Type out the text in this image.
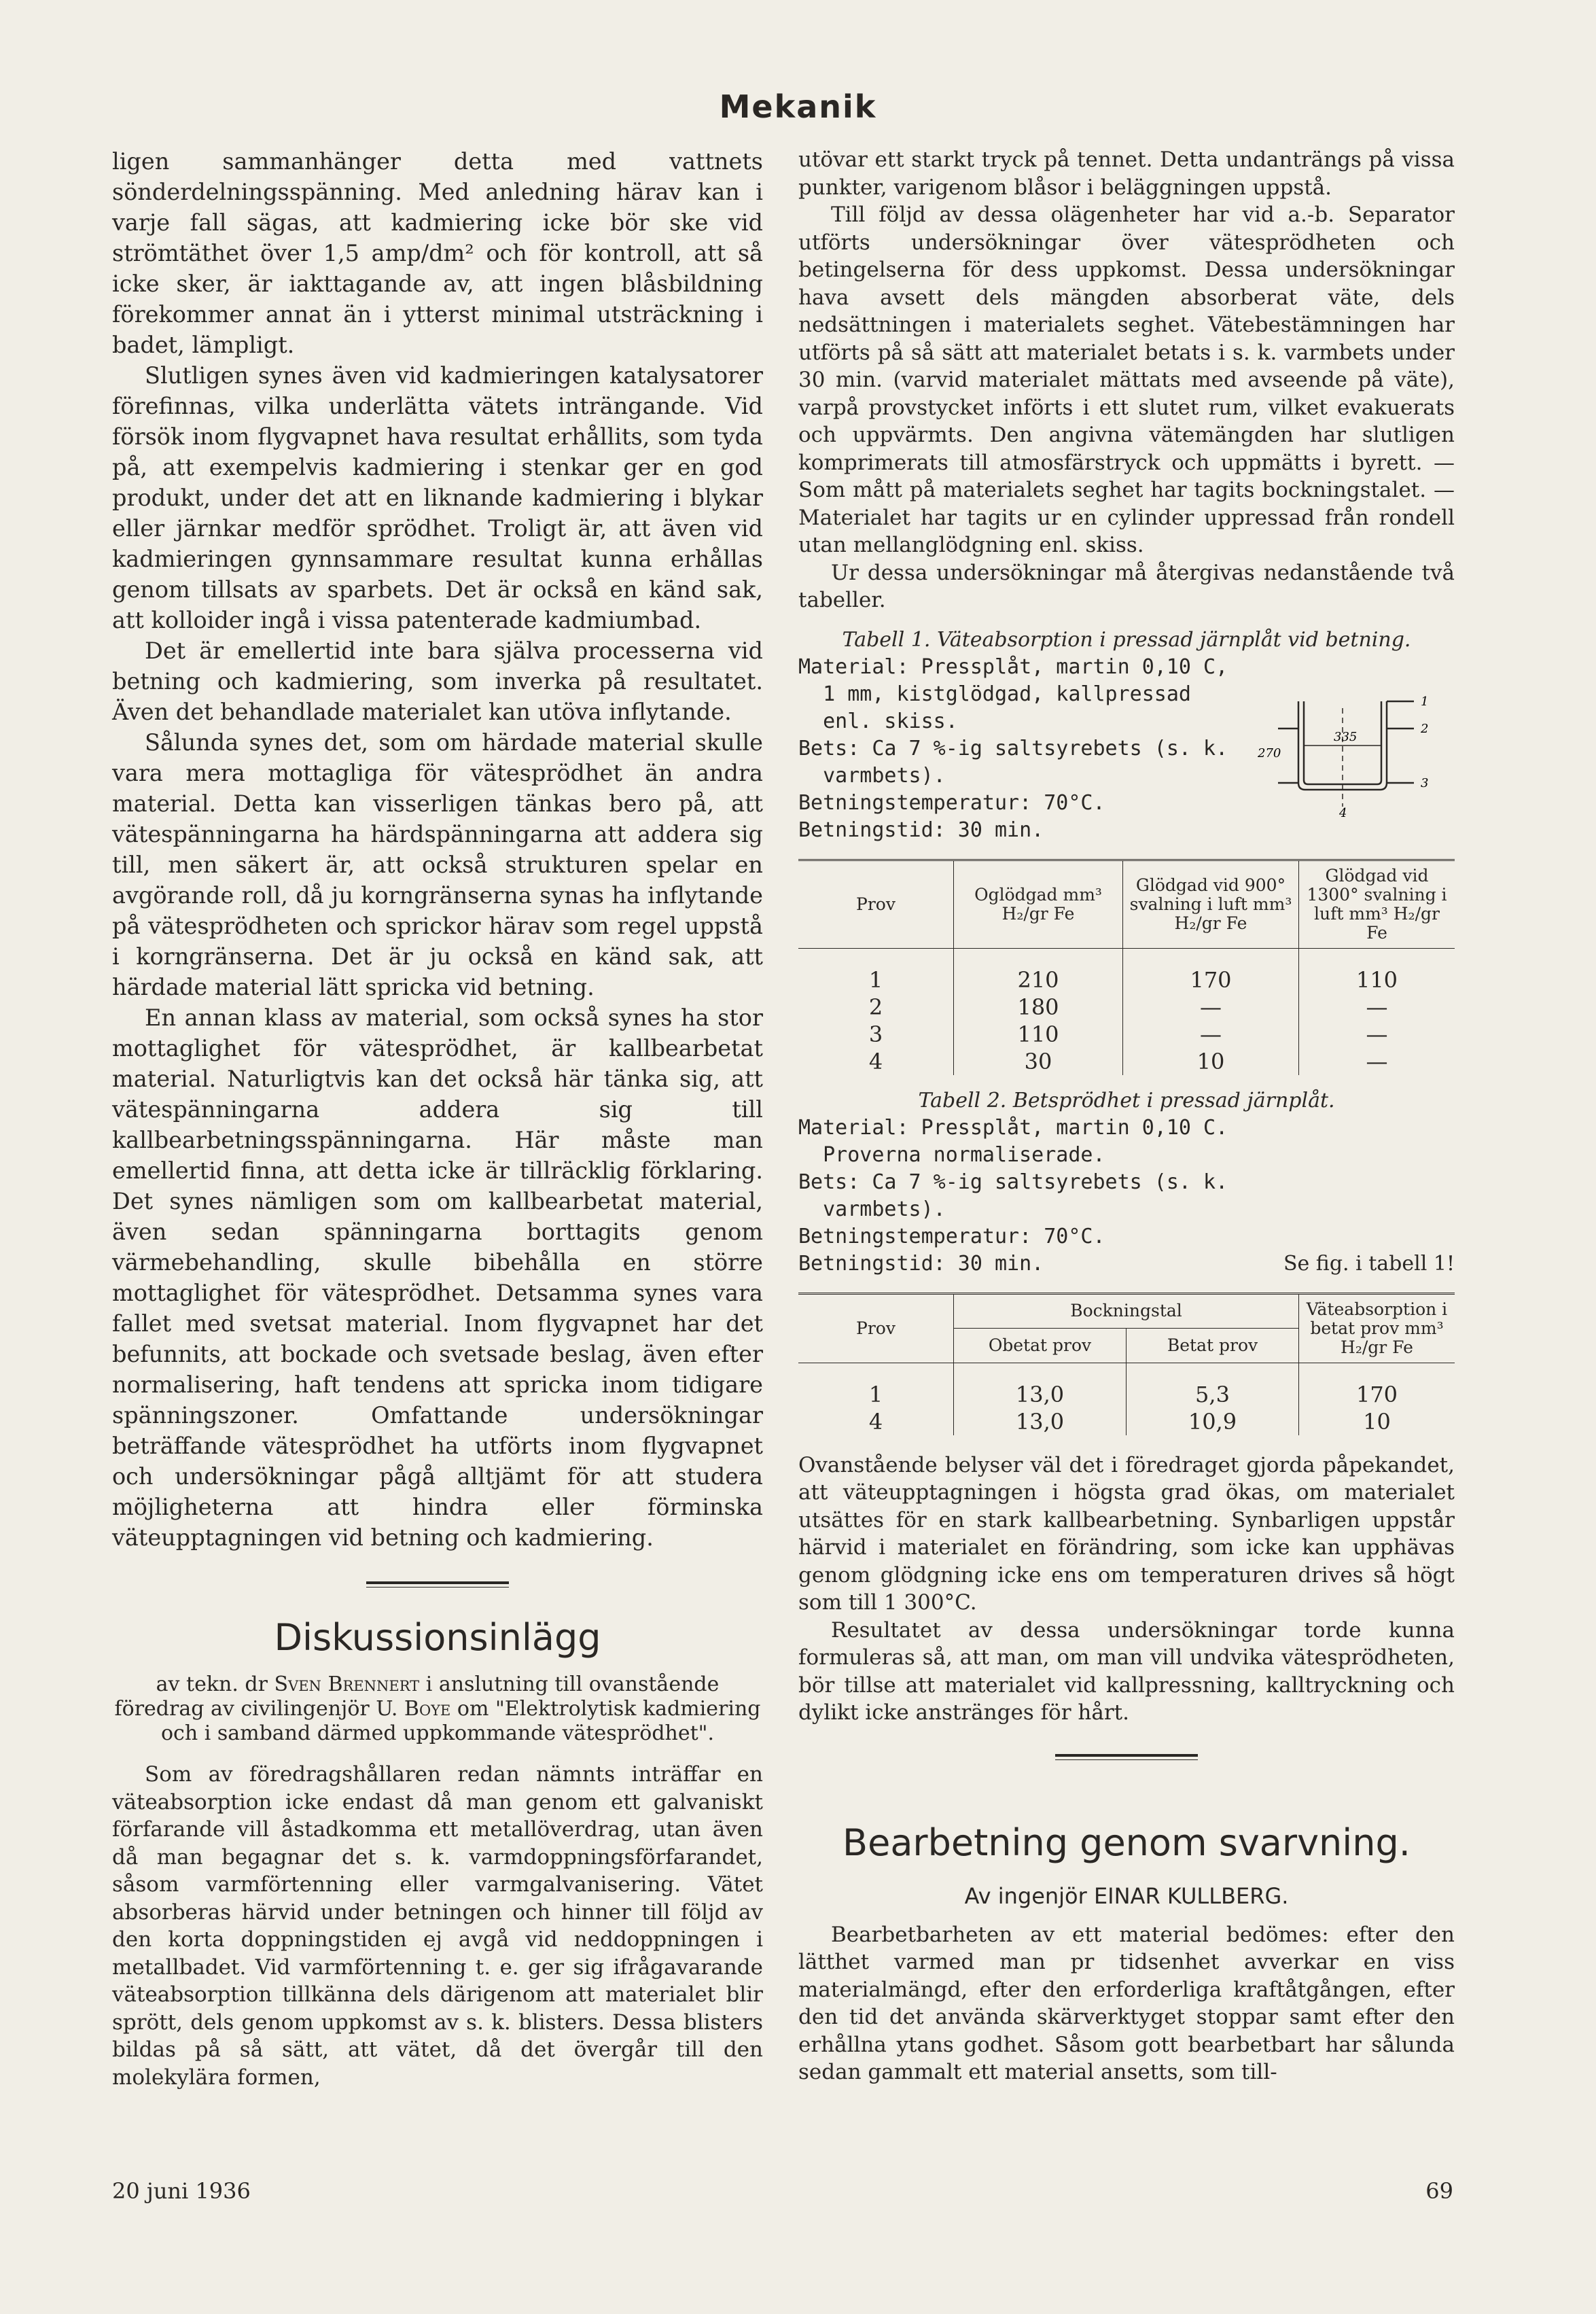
Mekanik

ligen sammanhänger detta med vattnets sönderdelningsspänning. Med anledning härav kan i varje fall sägas, att kadmiering icke bör ske vid strömtäthet över 1,5 amp/dm² och för kontroll, att så icke sker, är iakttagande av, att ingen blåsbildning förekommer annat än i ytterst minimal utsträckning i badet, lämpligt.

Slutligen synes även vid kadmieringen katalysatorer förefinnas, vilka underlätta vätets inträngande. Vid försök inom flygvapnet hava resultat erhållits, som tyda på, att exempelvis kadmiering i stenkar ger en god produkt, under det att en liknande kadmiering i blykar eller järnkar medför sprödhet. Troligt är, att även vid kadmieringen gynnsammare resultat kunna erhållas genom tillsats av sparbets. Det är också en känd sak, att kolloider ingå i vissa patenterade kadmiumbad.

Det är emellertid inte bara själva processerna vid betning och kadmiering, som inverka på resultatet. Även det behandlade materialet kan utöva inflytande.

Sålunda synes det, som om härdade material skulle vara mera mottagliga för vätesprödhet än andra material. Detta kan visserligen tänkas bero på, att vätespänningarna ha härdspänningarna att addera sig till, men säkert är, att också strukturen spelar en avgörande roll, då ju korngränserna synas ha inflytande på vätesprödheten och sprickor härav som regel uppstå i korngränserna. Det är ju också en känd sak, att härdade material lätt spricka vid betning.

En annan klass av material, som också synes ha stor mottaglighet för vätesprödhet, är kallbearbetat material. Naturligtvis kan det också här tänka sig, att vätespänningarna addera sig till kallbearbetningsspänningarna. Här måste man emellertid finna, att detta icke är tillräcklig förklaring. Det synes nämligen som om kallbearbetat material, även sedan spänningarna borttagits genom värmebehandling, skulle bibehålla en större mottaglighet för vätesprödhet. Detsamma synes vara fallet med svetsat material. Inom flygvapnet har det befunnits, att bockade och svetsade beslag, även efter normalisering, haft tendens att spricka inom tidigare spänningszoner. Omfattande undersökningar beträffande vätesprödhet ha utförts inom flygvapnet och undersökningar pågå alltjämt för att studera möjligheterna att hindra eller förminska väteupptagningen vid betning och kadmiering.

Diskussionsinlägg
av tekn. dr Sven Brennert i anslutning till ovanstående föredrag av civilingenjör U. Boye om "Elektrolytisk kadmiering och i samband därmed uppkommande vätesprödhet".

Som av föredragshållaren redan nämnts inträffar en väteabsorption icke endast då man genom ett galvaniskt förfarande vill åstadkomma ett metallöverdrag, utan även då man begagnar det s. k. varmdoppningsförfarandet, såsom varmförtenning eller varmgalvanisering. Vätet absorberas härvid under betningen och hinner till följd av den korta doppningstiden ej avgå vid neddoppningen i metallbadet. Vid varmförtenning t. e. ger sig ifrågavarande väteabsorption tillkänna dels därigenom att materialet blir sprött, dels genom uppkomst av s. k. blisters. Dessa blisters bildas på så sätt, att vätet, då det övergår till den molekylära formen,

utövar ett starkt tryck på tennet. Detta undanträngs på vissa punkter, varigenom blåsor i beläggningen uppstå.

Till följd av dessa olägenheter har vid a.-b. Separator utförts undersökningar över vätesprödheten och betingelserna för dess uppkomst. Dessa undersökningar hava avsett dels mängden absorberat väte, dels nedsättningen i materialets seghet. Vätebestämningen har utförts på så sätt att materialet betats i s. k. varmbets under 30 min. (varvid materialet mättats med avseende på väte), varpå provstycket införts i ett slutet rum, vilket evakuerats och uppvärmts. Den angivna vätemängden har slutligen komprimerats till atmosfärstryck och uppmätts i byrett. — Som mått på materialets seghet har tagits bockningstalet. — Materialet har tagits ur en cylinder uppressad från rondell utan mellanglödgning enl. skiss.

Ur dessa undersökningar må återgivas nedanstående två tabeller.

Tabell 1. Väteabsorption i pressad järnplåt vid betning.
Material: Pressplåt, martin 0,10 C,
1 mm, kistglödgad, kallpressad
enl. skiss.
Bets: Ca 7 %-ig saltsyrebets (s. k.
varmbets).
Betningstemperatur: 70°C.
Betningstid: 30 min.
335
270
1
2
3
4
Prov	Oglödgad mm³ H₂/gr Fe	Glödgad vid 900° svalning i luft mm³ H₂/gr Fe	Glödgad vid 1300° svalning i luft mm³ H₂/gr Fe

1	210	170	110
2	180	—	—
3	110	—	—
4	30	10	—
Tabell 2. Betsprödhet i pressad järnplåt.
Material: Pressplåt, martin 0,10 C.
Proverna normaliserade.
Bets: Ca 7 %-ig saltsyrebets (s. k.
varmbets).
Betningstemperatur: 70°C.
Betningstid: 30 min.	Se fig. i tabell 1!
Prov	Bockningstal		Väteabsorption i betat prov mm³ H₂/gr Fe
	Obetat prov	Betat prov	

1	13,0	5,3	170
4	13,0	10,9	10

Ovanstående belyser väl det i föredraget gjorda påpekandet, att väteupptagningen i högsta grad ökas, om materialet utsättes för en stark kallbearbetning. Synbarligen uppstår härvid i materialet en förändring, som icke kan upphävas genom glödgning icke ens om temperaturen drives så högt som till 1 300°C.

Resultatet av dessa undersökningar torde kunna formuleras så, att man, om man vill undvika vätesprödheten, bör tillse att materialet vid kallpressning, kalltryckning och dylikt icke anstränges för hårt.

Bearbetning genom svarvning.
Av ingenjör EINAR KULLBERG.

Bearbetbarheten av ett material bedömes: efter den lätthet varmed man pr tidsenhet avverkar en viss materialmängd, efter den erforderliga kraftåtgången, efter den tid det använda skärverktyget stoppar samt efter den erhållna ytans godhet. Såsom gott bearbetbart har sålunda sedan gammalt ett material ansetts, som till-

20 juni 1936	69
